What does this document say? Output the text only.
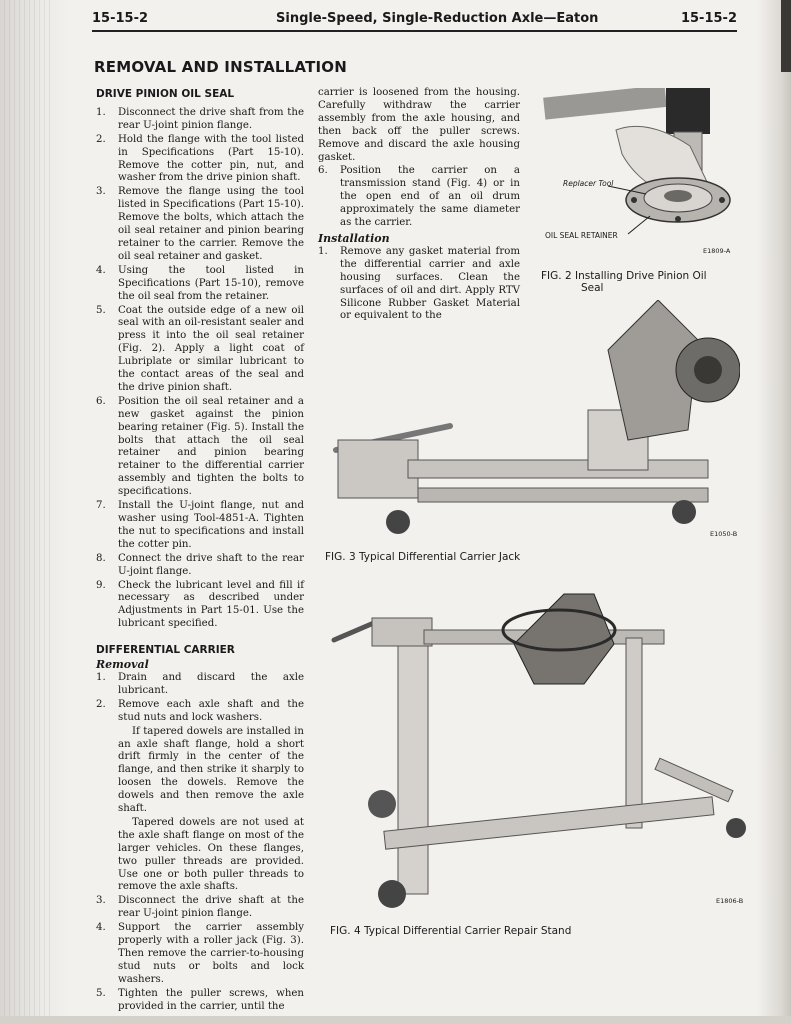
15-15-2	Single-Speed, Single-Reduction Axle—Eaton	15-15-2
REMOVAL AND INSTALLATION
DRIVE PINION OIL SEAL
1.	Disconnect the drive shaft from the rear U-joint pinion flange.
2.	Hold the flange with the tool listed in Specifications (Part 15-10). Remove the cotter pin, nut, and washer from the drive pinion shaft.
3.	Remove the flange using the tool listed in Specifications (Part 15-10). Remove the bolts, which attach the oil seal retainer and pinion bearing retainer to the carrier. Remove the oil seal retainer and gasket.
4.	Using the tool listed in Specifications (Part 15-10), remove the oil seal from the retainer.
5.	Coat the outside edge of a new oil seal with an oil-resistant sealer and press it into the oil seal retainer (Fig. 2). Apply a light coat of Lubriplate or similar lubricant to the contact areas of the seal and the drive pinion shaft.
6.	Position the oil seal retainer and a new gasket against the pinion bearing retainer (Fig. 5). Install the bolts that attach the oil seal retainer and pinion bearing retainer to the differential carrier assembly and tighten the bolts to specifications.
7.	Install the U-joint flange, nut and washer using Tool-4851-A. Tighten the nut to specifications and install the cotter pin.
8.	Connect the drive shaft to the rear U-joint flange.
9.	Check the lubricant level and fill if necessary as described under Adjustments in Part 15-01. Use the lubricant specified.
DIFFERENTIAL CARRIER
Removal
1.	Drain and discard the axle lubricant.
2.	Remove each axle shaft and the stud nuts and lock washers.

If tapered dowels are installed in an axle shaft flange, hold a short drift firmly in the center of the flange, and then strike it sharply to loosen the dowels. Remove the dowels and then remove the axle shaft.

Tapered dowels are not used at the axle shaft flange on most of the larger vehicles. On these flanges, two puller threads are provided. Use one or both puller threads to remove the axle shafts.

3.	Disconnect the drive shaft at the rear U-joint pinion flange.
4.	Support the carrier assembly properly with a roller jack (Fig. 3). Then remove the carrier-to-housing stud nuts or bolts and lock washers.
5.	Tighten the puller screws, when provided in the carrier, until the

carrier is loosened from the housing. Carefully withdraw the carrier assembly from the axle housing, and then back off the puller screws. Remove and discard the axle housing gasket.

6.	Position the carrier on a transmission stand (Fig. 4) or in the open end of an oil drum approximately the same diameter as the carrier.
Installation
1.	Remove any gasket material from the differential carrier and axle housing surfaces. Clean the surfaces of oil and dirt. Apply RTV Silicone Rubber Gasket Material or equivalent to the
Replacer Tool
OIL SEAL RETAINER
E1809-A
FIG. 2 Installing Drive Pinion Oil
Seal
E1050-B
FIG. 3 Typical Differential Carrier Jack
E1806-B
FIG. 4 Typical Differential Carrier Repair Stand
